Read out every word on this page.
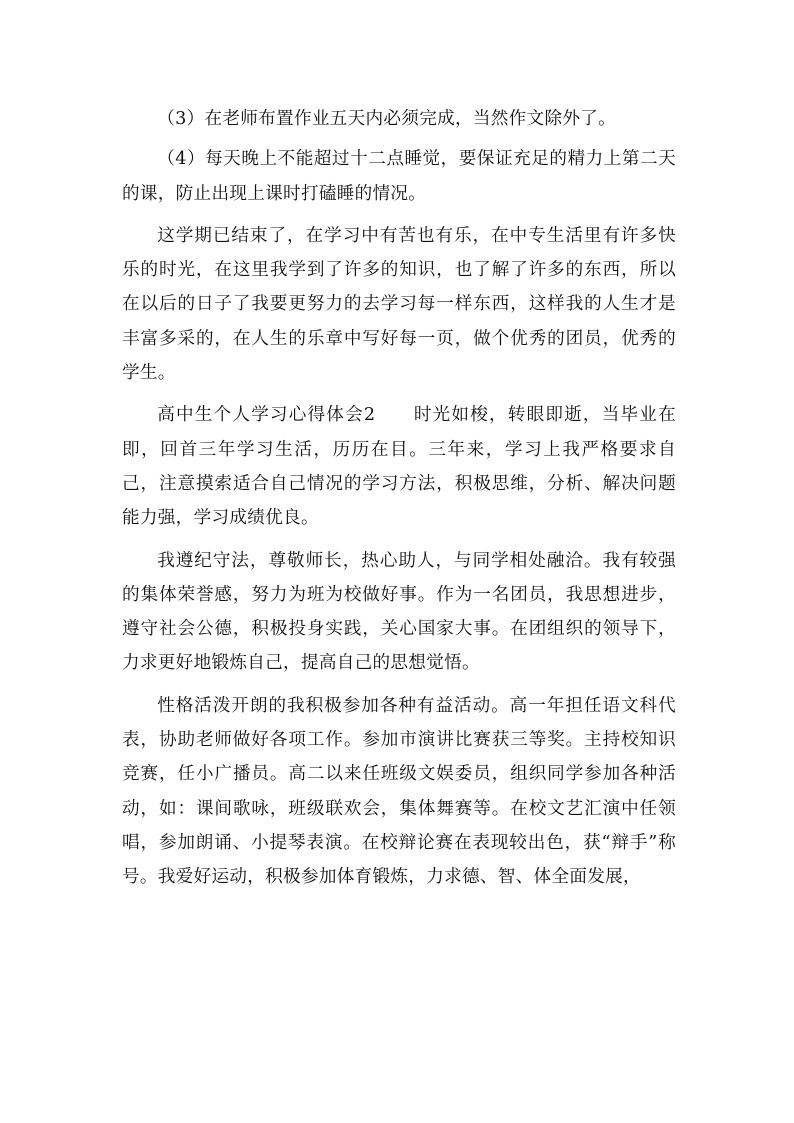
（3）在老师布置作业五天内必须完成，当然作文除外了。

（4）每天晚上不能超过十二点睡觉，要保证充足的精力上第二天的课，防止出现上课时打磕睡的情况。

这学期已结束了，在学习中有苦也有乐，在中专生活里有许多快乐的时光，在这里我学到了许多的知识，也了解了许多的东西，所以在以后的日子了我要更努力的去学习每一样东西，这样我的人生才是丰富多采的，在人生的乐章中写好每一页，做个优秀的团员，优秀的学生。

高中生个人学习心得体会2　　时光如梭，转眼即逝，当毕业在即，回首三年学习生活，历历在目。三年来，学习上我严格要求自己，注意摸索适合自己情况的学习方法，积极思维，分析、解决问题能力强，学习成绩优良。

我遵纪守法，尊敬师长，热心助人，与同学相处融洽。我有较强的集体荣誉感，努力为班为校做好事。作为一名团员，我思想进步，遵守社会公德，积极投身实践，关心国家大事。在团组织的领导下，力求更好地锻炼自己，提高自己的思想觉悟。

性格活泼开朗的我积极参加各种有益活动。高一年担任语文科代表，协助老师做好各项工作。参加市演讲比赛获三等奖。主持校知识竞赛，任小广播员。高二以来任班级文娱委员，组织同学参加各种活动，如：课间歌咏，班级联欢会，集体舞赛等。在校文艺汇演中任领唱，参加朗诵、小提琴表演。在校辩论赛在表现较出色，获“辩手”称号。我爱好运动，积极参加体育锻炼，力求德、智、体全面发展，
